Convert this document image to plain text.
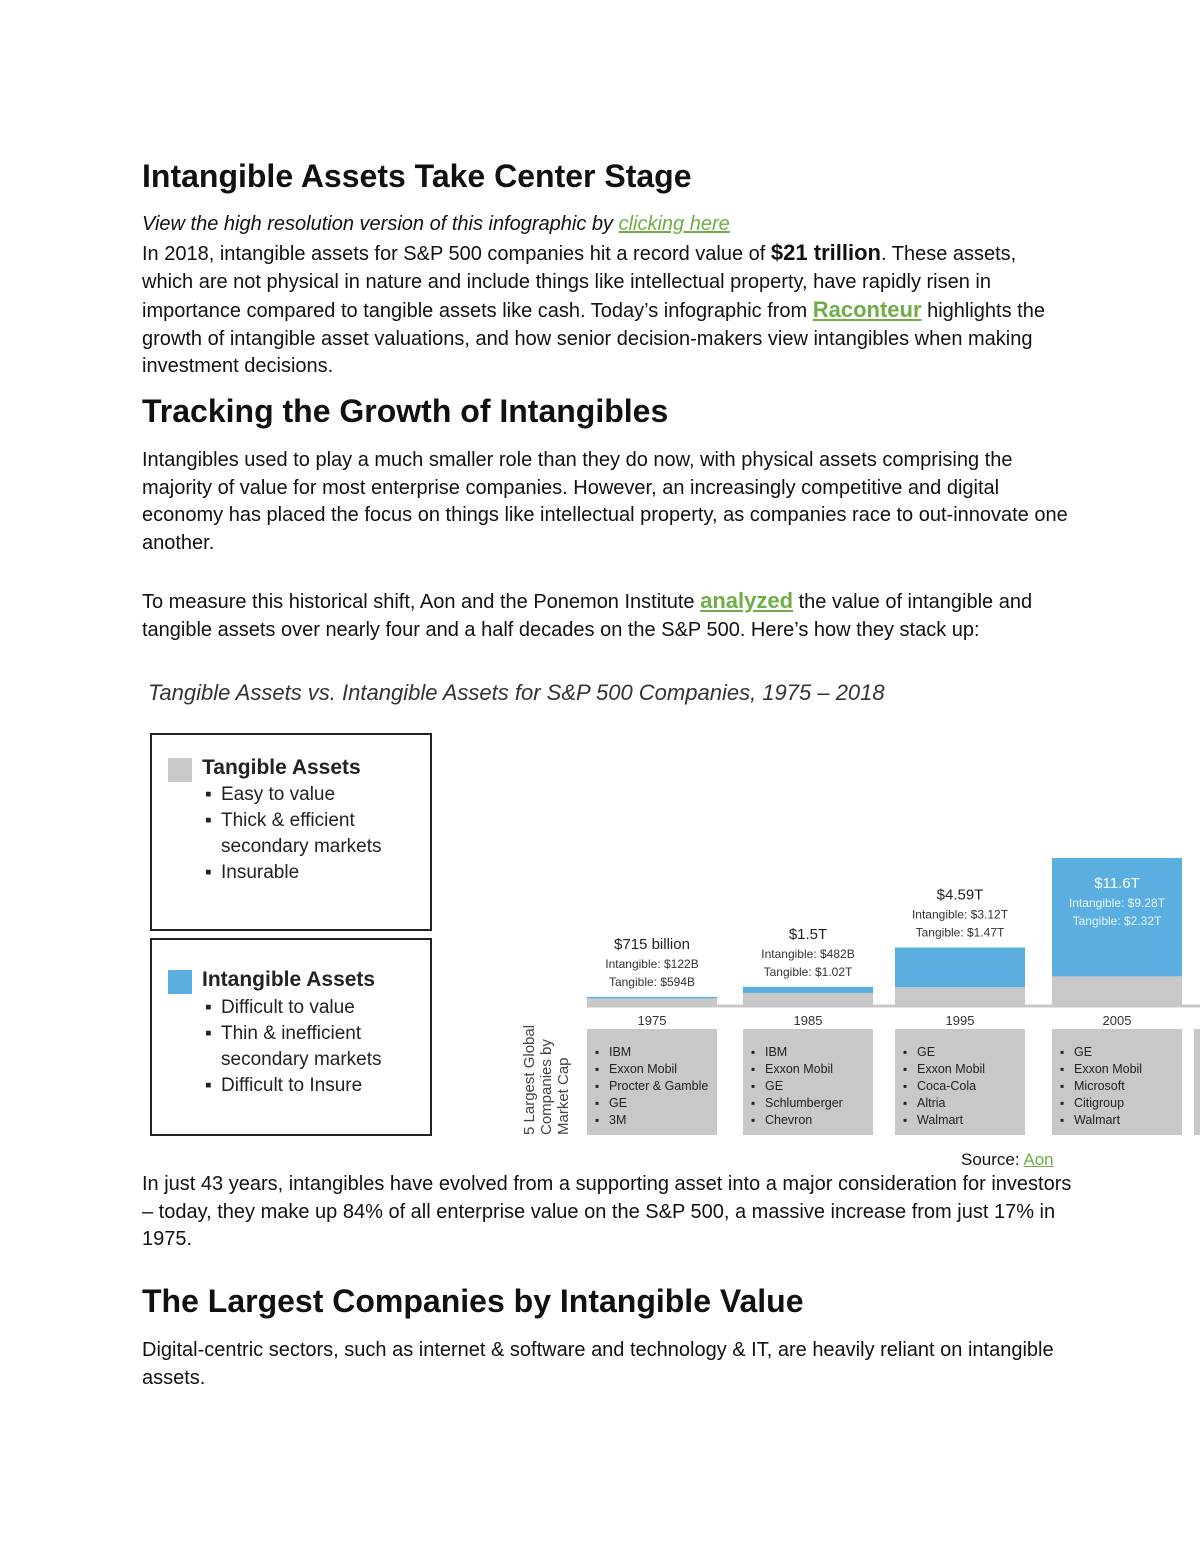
Intangible Assets Take Center Stage

View the high resolution version of this infographic by clicking here

In 2018, intangible assets for S&P 500 companies hit a record value of $21 trillion. These assets, which are not physical in nature and include things like intellectual property, have rapidly risen in importance compared to tangible assets like cash. Today’s infographic from Raconteur highlights the growth of intangible asset valuations, and how senior decision-makers view intangibles when making investment decisions.

Tracking the Growth of Intangibles

Intangibles used to play a much smaller role than they do now, with physical assets comprising the majority of value for most enterprise companies. However, an increasingly competitive and digital economy has placed the focus on things like intellectual property, as companies race to out-innovate one another.

To measure this historical shift, Aon and the Ponemon Institute analyzed the value of intangible and tangible assets over nearly four and a half decades on the S&P 500. Here’s how they stack up:

In just 43 years, intangibles have evolved from a supporting asset into a major consideration for investors – today, they make up 84% of all enterprise value on the S&P 500, a massive increase from just 17% in 1975.

The Largest Companies by Intangible Value

Digital-centric sectors, such as internet & software and technology & IT, are heavily reliant on intangible assets.

Tangible Assets vs. Intangible Assets for S&P 500 Companies, 1975 – 2018
Tangible Assets
▪ Easy to value
▪ Thick & efficient
secondary markets
▪ Insurable
Intangible Assets
▪ Difficult to value
▪ Thin & inefficient
secondary markets
▪ Difficult to Insure	5 Largest Global Companies by Market Cap
$715 billion
Intangible: $122B
Tangible: $594B
1975
▪ IBM
▪ Exxon Mobil
▪ Procter & Gamble
▪ GE
▪ 3M
$1.5T
Intangible: $482B
Tangible: $1.02T
1985
▪ IBM
▪ Exxon Mobil
▪ GE
▪ Schlumberger
▪ Chevron
$4.59T
Intangible: $3.12T
Tangible: $1.47T
1995
▪ GE
▪ Exxon Mobil
▪ Coca-Cola
▪ Altria
▪ Walmart
$11.6T
Intangible: $9.28T
Tangible: $2.32T
2005
▪ GE
▪ Exxon Mobil
▪ Microsoft
▪ Citigroup
▪ Walmart
Source: Aon
